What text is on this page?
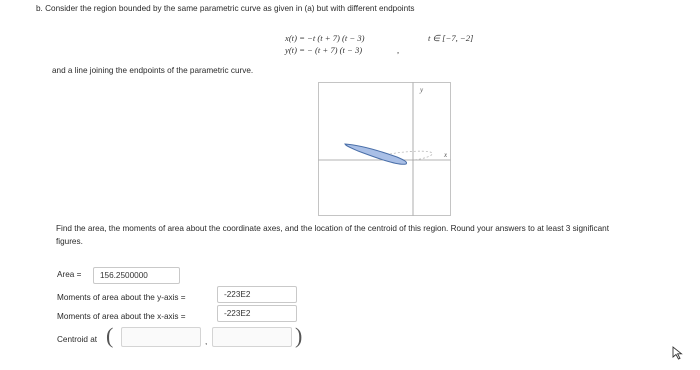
b. Consider the region bounded by the same parametric curve as given in (a) but with different endpoints
x(t) = −t (t + 7) (t − 3)
y(t) = − (t + 7) (t − 3)	,
t ∈ [−7, −2]
and a line joining the endpoints of the parametric curve.
y
x
Find the area, the moments of area about the coordinate axes, and the location of the centroid of this region. Round your answers to at least 3 significant
figures.
Area =	156.2500000
Moments of area about the y-axis =	-223E2
Moments of area about the x-axis =	-223E2
Centroid at (	,	)
